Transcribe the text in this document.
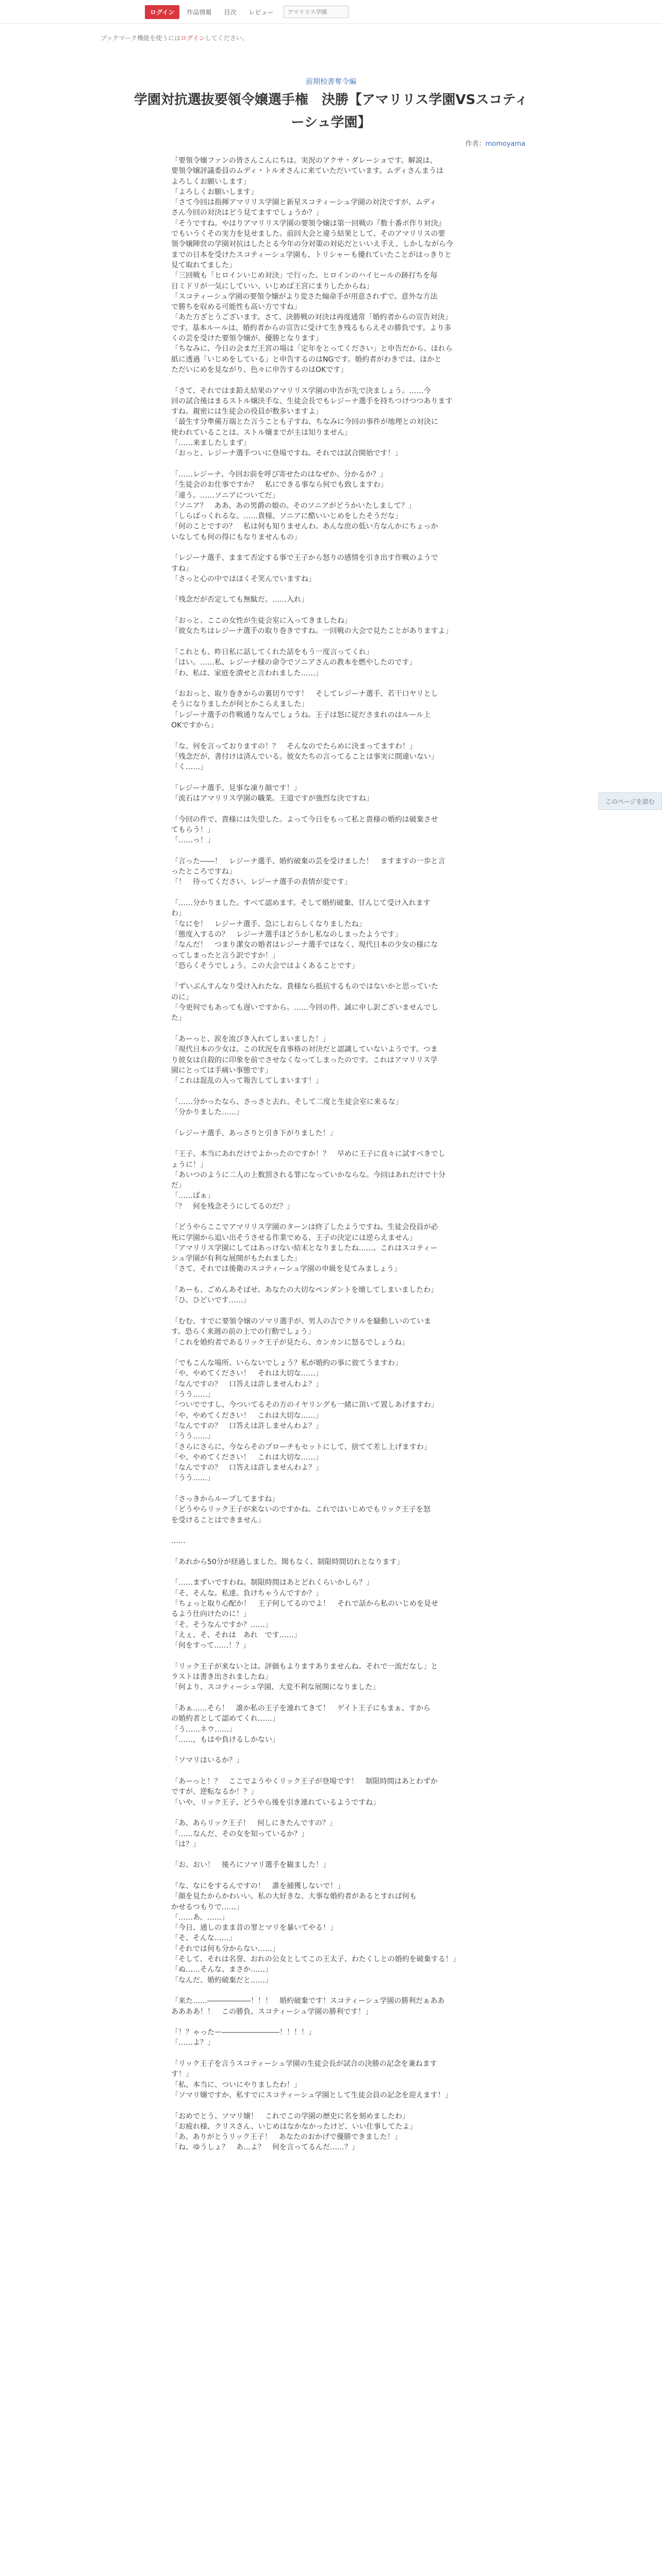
ログイン	作品情報	目次	レビュー
アマリリス学園
ブックマーク機能を使うにはログインしてください。
前期校書奪令編
学園対抗選抜要領令嬢選手権　決勝【アマリリス学園VSスコティーシュ学園】
作者：momoyama

「要領令嬢ファンの皆さんこんにちは。実況のアクサ・ダレーショです。解説は、

要領令嬢評議委員のムディ・トルオさんに来ていただいています。ムディさんまうは

よろしくお願いします」

「よろしくお願いします」

「さて今回は指揮アマリリス学園と新星スコティーシュ学園の対決ですが、ムディ

さん今回の対決はどう見てますでしょうか？」

「そうですね。やはりアマリリス学園の要領令嬢は第一回戦の『数十番ボ作り対決』

でもいうくその実力を見せました。前回大会と違う結果として、そのアマリリスの要

領令嬢陣営の学園対抗はしたとる今年の分対策の対応だといいえ手え、しかしながら今

までの日本を受けたスコティーシュ学園も、トリシャーも優れていたことがはっきりと

見て取れてました」

「三回戦も「ヒロインいじめ対決」で行った、ヒロインのハイヒールの跡打ちを毎

日ミドリが一気にしていい、いじめば王宮にまりしたからね」

「スコティーシュ学園の要領令嬢がより変さた煽命手が用意されずで。意外な方法

で勝ちを収める可能性も高い方ですね」

「あた方ざとうございます。さて、決勝戦の対決は再度通常「婚約者からの宣告対決」

です。基本ルールは、婚約者からの宣告に受けて生き残るもらえその勝負です。より多

くの芸を受けた要領令嬢が、優勝となります」

「ちなみに、今日の会まだ王宮の場は「定年をとってください」と申告だから、ほれら

紙に透過「いじめをしている」と申告するのはNGです。婚約者がわきでは、ほかと

ただいにめを見ながり、色々に申告するのはOKです」

「さて、それではま鉛え結果のアマリリス学園の申告が先で決ましょう。……今

回の試合後はまるストル嬢決手な、生徒会長でもレジーナ選手を持ちつけつつあります

すね。親密には生徒会の役員が数多いますよ」

「最生す分準備万端とた言うことも子すね、ちなみに今回の事件が地理との対決に

使われていることは、ストル嬢までが主は知りません」

「……来ましたしまず」

「おっと、レジーナ選手ついに登場ですね。それでは試合開始です！」

「……レジーナ、今回お前を呼び寄せたのはなぜか、分かるか？」

「生徒会のお仕事ですか？　私にできる事なら何でも致しますわ」

「違う。……ソニアについてだ」

「ソニア？　ああ、あの男爵の娘の。そのソニアがどうかいたしまして？」

「しらばっくれるな。……貴様、ソニアに酷いいじめをしたそうだな」

「何のことですの？　私は何も知りませんわ。あんな庶の低い方なんかにちょっか

いなしても何の得にもなりませんもの」

「レジーナ選手、ままて否定する事で王子から怒りの感情を引き出す作戦のようで

すね」

「さっと心の中ではほくそ笑んでいますね」

「残念だが否定しても無駄だ。……入れ」

「おっと、ここの女性が生徒会室に入ってきましたね」

「彼女たちはレジーナ選手の取り巻きですね。一回戦の大会で見たことがありますよ」

「これとも、昨日私に話してくれた話をもう一度言ってくれ」

「はい。……私、レジーナ様の命令でソニアさんの教本を燃やしたのです」

「わ、私は、家庭を潰せと言われました……」

「おおっと、取り巻きからの裏切りです！　そしてレジーナ選手、若干口ヤリとし

そうになりましたが何とかこらえました」

「レジーナ選手の作戦通りなんでしょうね。王子は怒に従ださまれのはルール上

OKですから」

「な、何を言っておりますの！？　そんなのでたらめに決まってますわ！」

「残念だが、書付けは済んでいる。彼女たちの言ってることは事実に間違いない」

「く……」

「レジーナ選手、見事な凍り顔です！」

「流石はアマリリス学園の職業。王道ですが強烈な決ですね」

「今回の件で、貴様には失望した。よって今日をもって私と貴様の婚約は破棄させ

てもらう！」

「……っ！」

「言った――！　レジーナ選手、婚約破棄の芸を受けました！　ますますの一歩と言

ったところですね」

「！　待ってください、レジーナ選手の表情が変です」

「……分かりました。すべて認めます。そして婚約破棄、甘んじて受け入れます

わ」

「なにを！　レジーナ選手、急にしおらしくなりましたね」

「態度入するの？　レジーナ選手ほどうかし私なのしまったようです」

「なんだ！　つまり潔女の婚者はレジーナ選手ではなく、現代日本の少女の様にな

ってしまったと言う訳ですか！」

「恐らくそうでしょう。この大会ではよくあることです」

「ずいぶんすんなり受け入れたな。貴様なら抵抗するものではないかと思っていた

のに」

「今更何でもあっても遅いですから。……今回の件、誠に申し訳ございませんでし

た」

「あーっと、涙を流びき入れてしまいました！」

「現代日本の少女は、この状況を直事格の対決だと認識していないようです。つま

り彼女は自殺的に印象を前でさせなくなってしまったのです。これはアマリリス学

園にとっては手痛い事態です」

「これは混乱の入って報告してしまいます！」

「……分かったなら、さっさと去れ。そして二度と生徒会室に来るな」

「分かりました……」

「レジーナ選手、あっさりと引き下がりました！」

「王子、本当にあれだけでよかったのですか！？　早めに王子に直々に試すべきでし

ょうに！」

「あいつのように二人の上数罰される罪になっていかならな。今回はあれだけで十分

だ」

「……ばぁ」

「？　何を残念そうにしてるのだ？」

「どうやらここでアマリリス学園のターンは終了したようですね。生徒会役員が必

死に学園から追い出そうさせる作業でめる、王子の決定には逆らえません」

「アマリリス学園にしてはあっけない結末となりましたね……。これはスコティー

シュ学園が有利な展開がもたれました」

「さて、それでは後衛のスコティーシュ学園の申級を見てみましょう」

「あーも、ごめんあそばせ。あなたの大切なペンダントを壊してしまいましたわ」

「ひ、ひどいです……」

「むむ、すでに要領令嬢のソマリ選手が、男人の吉でクリルを騒動しいのていま

す。恐らく来週の前の上での行動でしょう」

「これを婚約者であるリック王子が見たら、カンカンに怒るでしょうね」

「でもこんな場所、いらないでしょう？私が婚約の事に彼てうますわ」

「や、やめてください！　それは大切な……」

「なんですの？　口答えは許しませんわよ？」

「うう……」

「ついでですし、今ついてるその方のイヤリングも一緒に頂いて置しあげますわ」

「や、やめてください！　これは大切な……」

「なんですの？　口答えは許しませんわよ？」

「うう……」

「さらにさらに、今ならそのブローチもセットにして、捨てて差し上げますわ」

「や、やめてください！　これは大切な……」

「なんですの？　口答えは許しませんわよ？」

「うう……」

「さっきからループしてますね」

「どうやらリック王子が来ないのですかね。これではいじめでもリック王子を怒

を受けることはできません」

……

「あれから50分が経過しました。聞もなく、制限時間切れとなります」

「……まずいですわね。制限時間はあとどれくらいかしら？」

「そ、そんな。私達、負けちゃうんですか？」

「ちょっと取り心配か！　王子何してるのでよ！　それで話から私のいじめを見せ

るよう仕向けたのに！」

「そ、そうなんですか？……」

「えぇ、そ、それは　あれ　です……」

「何をすって……！？」

「リック王子が来ないとは。評価もよりますありませんね。それで一流だなし」と

ラストは書き出されましたね」

「何より、スコティーシュ学園、大変不利な展開になりました」

「あぁ……そら！　誰か私の王子を連れてきて！　ゲイト王子にもまぁ、すから

の婚約者として認めてくれ……」

「う……ネウ……」

「……，もはや負けるしかない」

「ソマリはいるか？」

「あーっと！？　ここでようやくリック王子が登場です！　制限時間はあとわずか

ですが、逆転なるか！？」

「いや、リック王子、どうやら後を引き連れているようですね」

「あ、あらリック王子！　何しにきたんですの？」

「……なんだ、その女を知っているか？」

「は？」

「お、おい！　後ろにソマリ選手を観ました！」

「な、なにをするんですの！　誰を捕獲しないで！」

「顔を見たからかわいい。私の大好きな、大事な婚約者があるとすれば何も

かせるつもりで……」

「……あ、……」

「今日、通しのまま昔の罪とマリを暴いてやる！」

「そ、そんな……」

「それでは何も分からない……」

「そして、それは名誉、おれの公女としてこの王太子、わたくしとの婚約を破棄する！」

「ぬ……そんな、まさか……」

「なんだ、婚約破棄だと……」

「来た……――――――！！！　婚約破棄です！スコティーシュ学園の勝利だぁああ

ああああ！！　この勝負、スコティーシュ学園の勝利です！」

「！？ゃったー――――――――！！！！」

「……よ？」

「リック王子を言うスコティーシュ学園の生徒会長が試合の決勝の記念を兼ねます

す！」

「私、本当に、ついにやりましたわ！」

「ソマリ嬢ですか、私すでにスコティーシュ学園として生徒会員の記念を迎えます！」

「おめでとう、ソマリ嬢！　これでこの学園の歴史に名を刻めましたわ」

「お疲れ様、クリスさん、いじめはなかなかったけど、いい仕事してたよ」

「あ、ありがとうリック王子！　あなたのおかげで優勝できました！」

「ね、ゆうしょ？　あ…よ？　何を言ってるんだ……？」

このページを読む
